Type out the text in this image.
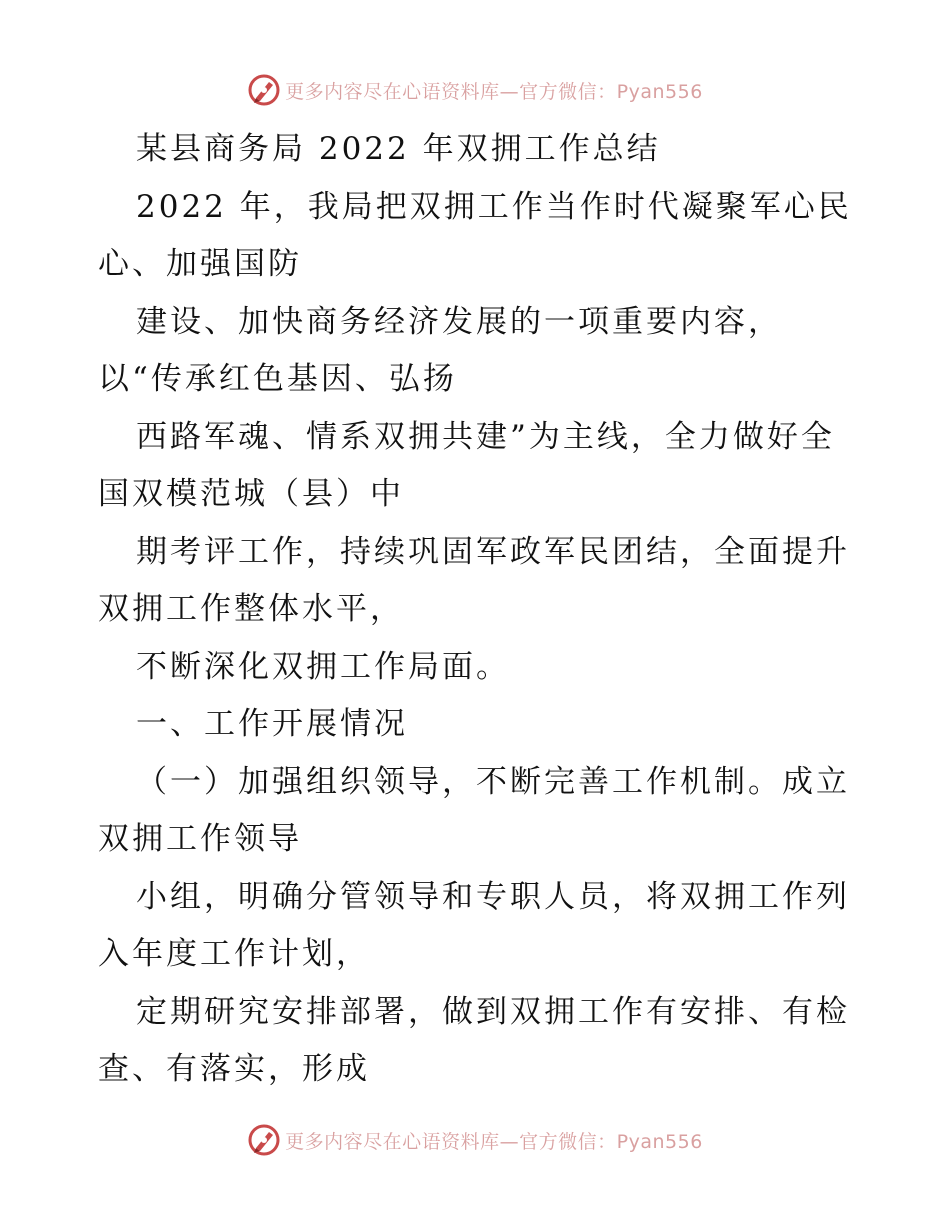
更多内容尽在心语资料库—官方微信：Pyan556
某县商务局 2022 年双拥工作总结
2022 年，我局把双拥工作当作时代凝聚军心民
心、加强国防
建设、加快商务经济发展的一项重要内容，
以“传承红色基因、弘扬
西路军魂、情系双拥共建”为主线，全力做好全
国双模范城（县）中
期考评工作，持续巩固军政军民团结，全面提升
双拥工作整体水平，
不断深化双拥工作局面。
一、工作开展情况
（一）加强组织领导，不断完善工作机制。成立
双拥工作领导
小组，明确分管领导和专职人员，将双拥工作列
入年度工作计划，
定期研究安排部署，做到双拥工作有安排、有检
查、有落实，形成
更多内容尽在心语资料库—官方微信：Pyan556
